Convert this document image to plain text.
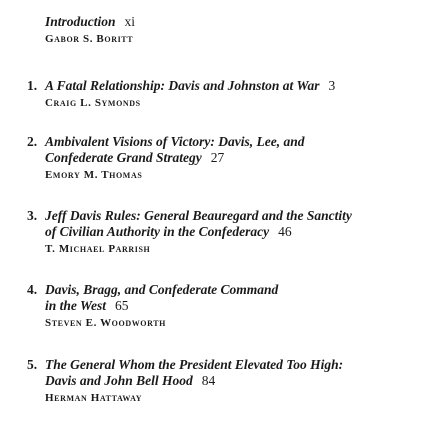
Introduction xi

Gabor S. Boritt
1. A Fatal Relationship: Davis and Johnston at War 3

Craig L. Symonds
2. Ambivalent Visions of Victory: Davis, Lee, and
Confederate Grand Strategy 27

Emory M. Thomas
3. Jeff Davis Rules: General Beauregard and the Sanctity
of Civilian Authority in the Confederacy 46

T. Michael Parrish
4. Davis, Bragg, and Confederate Command
in the West 65

Steven E. Woodworth
5. The General Whom the President Elevated Too High:
Davis and John Bell Hood 84

Herman Hattaway
